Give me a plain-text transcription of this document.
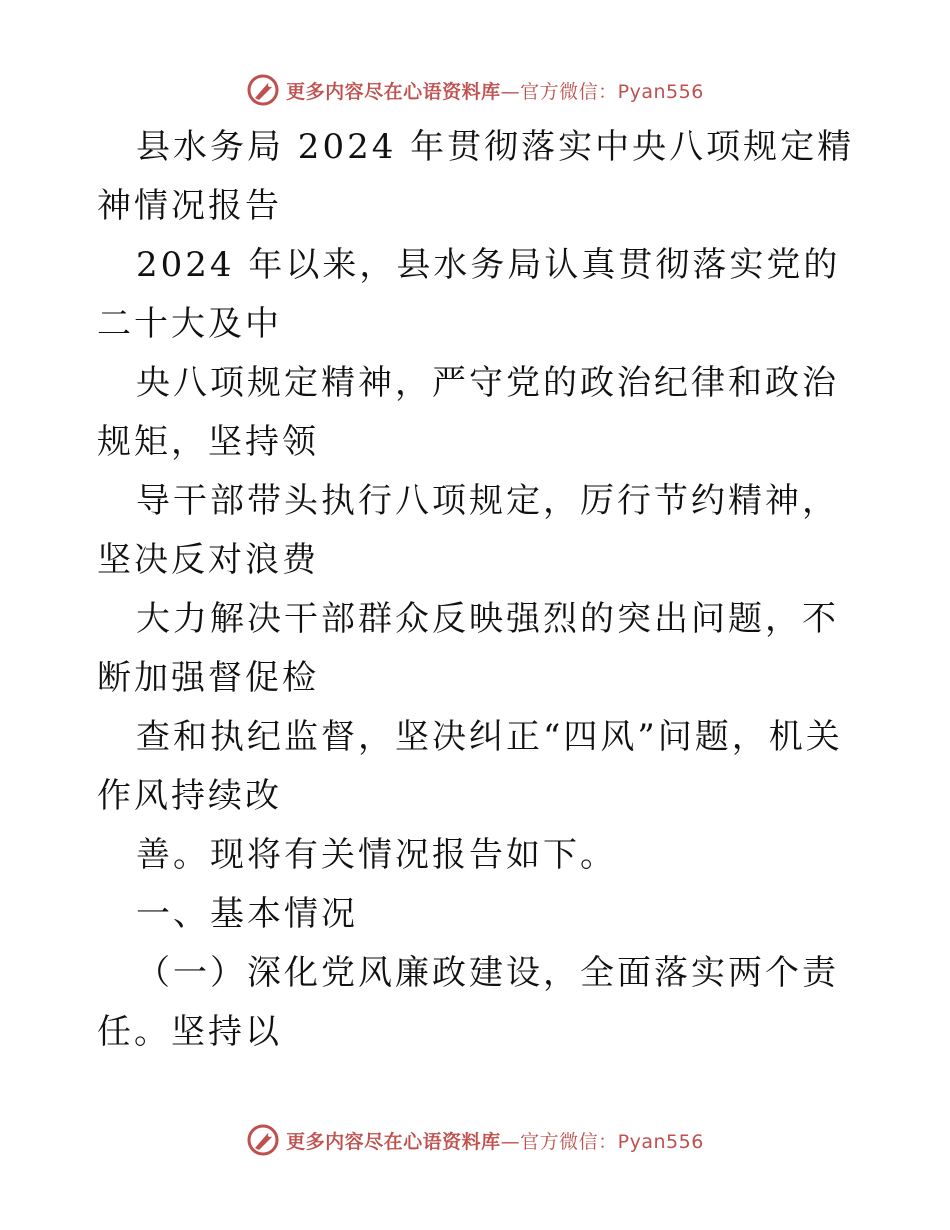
更多内容尽在心语资料库—官方微信：Pyan556

县水务局 2024 年贯彻落实中央八项规定精神情况报告

2024 年以来，县水务局认真贯彻落实党的二十大及中

央八项规定精神，严守党的政治纪律和政治规矩，坚持领

导干部带头执行八项规定，厉行节约精神，坚决反对浪费

大力解决干部群众反映强烈的突出问题，不断加强督促检

查和执纪监督，坚决纠正“四风”问题，机关作风持续改

善。现将有关情况报告如下。

一、基本情况

（一）深化党风廉政建设，全面落实两个责任。坚持以

更多内容尽在心语资料库—官方微信：Pyan556
